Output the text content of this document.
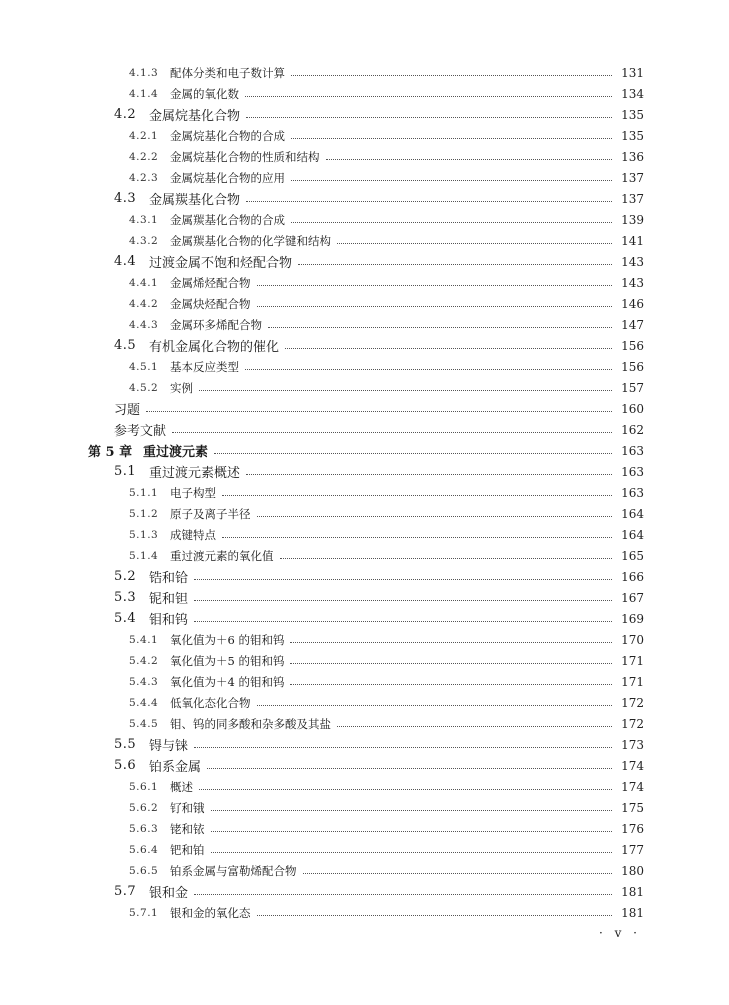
4.1.3	配体分类和电子数计算	131
4.1.4	金属的氧化数	134
4.2 金属烷基化合物	135
4.2.1	金属烷基化合物的合成	135
4.2.2	金属烷基化合物的性质和结构	136
4.2.3	金属烷基化合物的应用	137
4.3 金属羰基化合物	137
4.3.1	金属羰基化合物的合成	139
4.3.2	金属羰基化合物的化学键和结构	141
4.4 过渡金属不饱和烃配合物	143
4.4.1	金属烯烃配合物	143
4.4.2	金属炔烃配合物	146
4.4.3	金属环多烯配合物	147
4.5 有机金属化合物的催化	156
4.5.1	基本反应类型	156
4.5.2	实例	157
习题	160
参考文献	162
第 5 章 重过渡元素	163
5.1 重过渡元素概述	163
5.1.1	电子构型	163
5.1.2	原子及离子半径	164
5.1.3	成键特点	164
5.1.4	重过渡元素的氧化值	165
5.2 锆和铪	166
5.3 铌和钽	167
5.4 钼和钨	169
5.4.1	氧化值为＋6 的钼和钨	170
5.4.2	氧化值为＋5 的钼和钨	171
5.4.3	氧化值为＋4 的钼和钨	171
5.4.4	低氧化态化合物	172
5.4.5	钼、钨的同多酸和杂多酸及其盐	172
5.5 锝与铼	173
5.6 铂系金属	174
5.6.1	概述	174
5.6.2	钌和锇	175
5.6.3	铑和铱	176
5.6.4	钯和铂	177
5.6.5	铂系金属与富勒烯配合物	180
5.7 银和金	181
5.7.1	银和金的氧化态	181
· v ·
